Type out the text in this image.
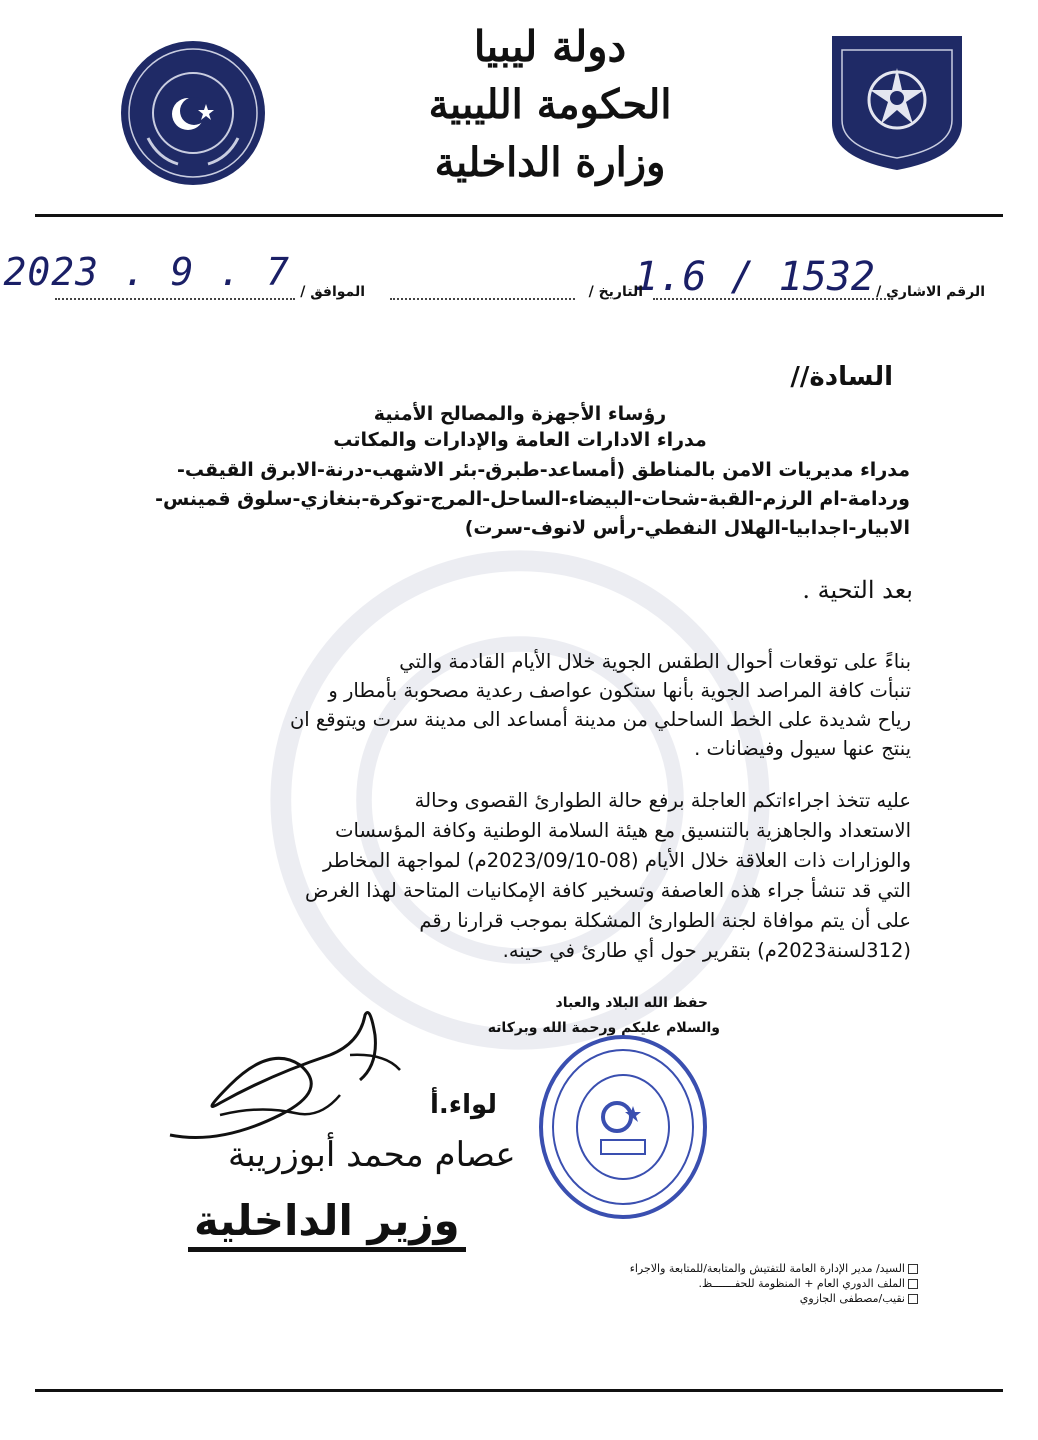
دولة ليبيا
الحكومة الليبية
وزارة الداخلية
الرقم الاشاري /
1532 / 1.6
التاريخ /
الموافق /
2023 . 9 . 7
السادة//
رؤساء الأجهزة والمصالح الأمنية
مدراء الادارات العامة والإدارات والمكاتب
مدراء مديريات الامن بالمناطق (أمساعد-طبرق-بئر الاشهب-درنة-الابرق القيقب-
وردامة-ام الرزم-القبة-شحات-البيضاء-الساحل-المرج-توكرة-بنغازي-سلوق قمينس-
الابيار-اجدابيا-الهلال النفطي-رأس لانوف-سرت)
بعد التحية .
بناءً على توقعات أحوال الطقس الجوية خلال الأيام القادمة والتي
تنبأت كافة المراصد الجوية بأنها ستكون عواصف رعدية مصحوبة بأمطار و
رياح شديدة على الخط الساحلي من مدينة أمساعد الى مدينة سرت ويتوقع ان
ينتج عنها سيول وفيضانات .
عليه تتخذ اجراءاتكم العاجلة برفع حالة الطوارئ القصوى وحالة
الاستعداد والجاهزية بالتنسيق مع هيئة السلامة الوطنية وكافة المؤسسات
والوزارات ذات العلاقة خلال الأيام (08-2023/09/10م) لمواجهة المخاطر
التي قد تنشأ جراء هذه العاصفة وتسخير كافة الإمكانيات المتاحة لهذا الغرض
على أن يتم موافاة لجنة الطوارئ المشكلة بموجب قرارنا رقم
(312لسنة2023م) بتقرير حول أي طارئ في حينه.
حفظ الله البلاد والعباد
والسلام عليكم ورحمة الله وبركاته
لواء.أ
عصام محمد أبوزريبة
وزير الداخلية
السيد/ مدير الإدارة العامة للتفتيش والمتابعة/للمتابعة والاجراء
الملف الدوري العام + المنظومة للحفـــــــظ.
نقيب/مصطفى الجازوي
